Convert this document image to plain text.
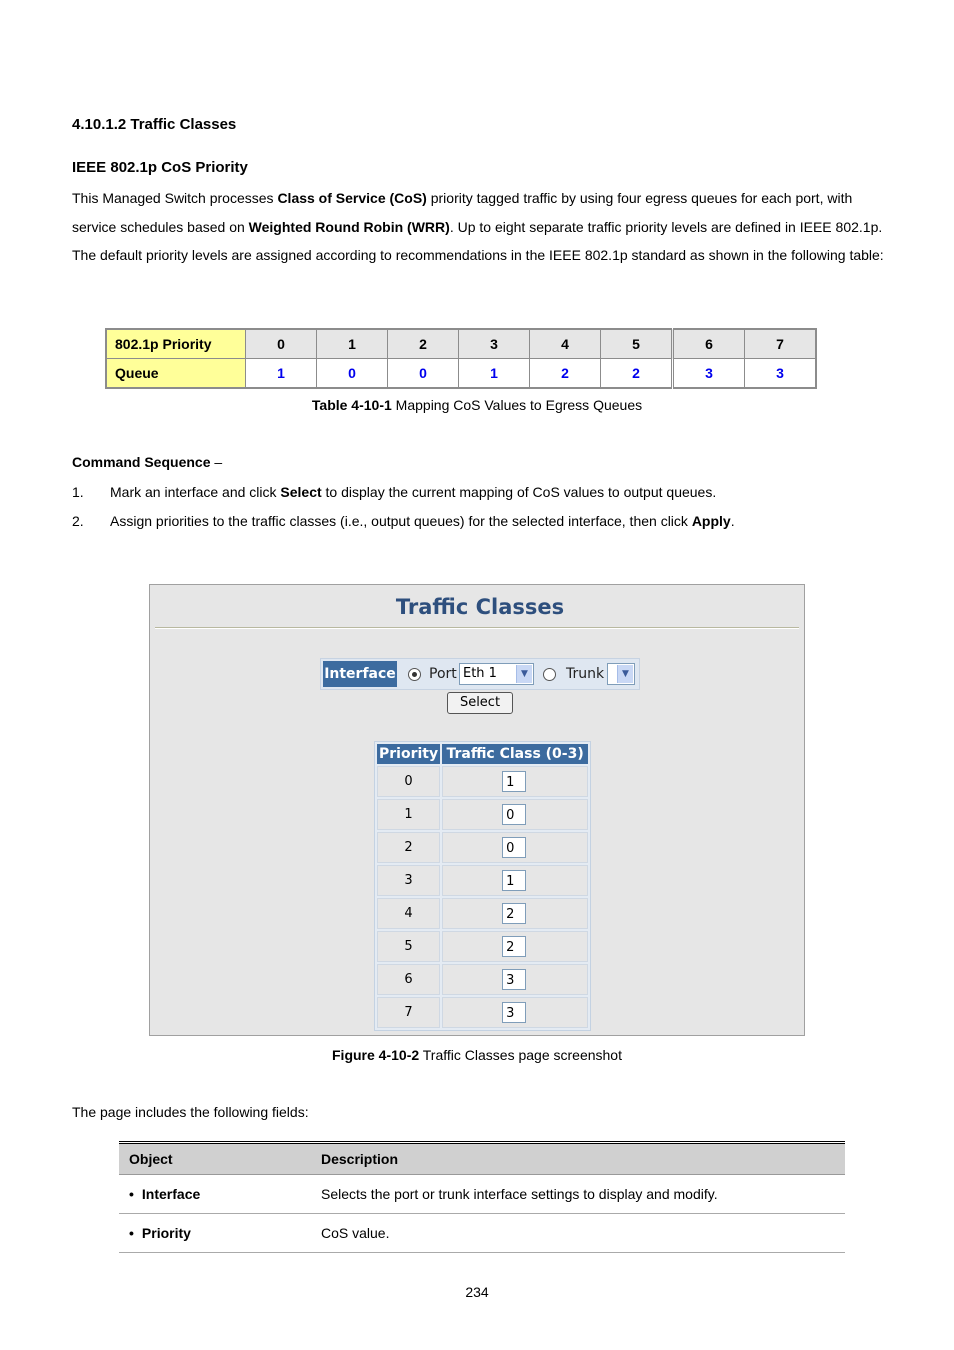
4.10.1.2 Traffic Classes
IEEE 802.1p CoS Priority
This Managed Switch processes Class of Service (CoS) priority tagged traffic by using four egress queues for each port, with service schedules based on Weighted Round Robin (WRR). Up to eight separate traffic priority levels are defined in IEEE 802.1p. The default priority levels are assigned according to recommendations in the IEEE 802.1p standard as shown in the following table:
802.1p Priority	0	1	2	3	4	5	6	7
Queue	1	0	0	1	2	2	3	3
Table 4-10-1 Mapping CoS Values to Egress Queues
Command Sequence –
1. Mark an interface and click Select to display the current mapping of CoS values to output queues.
2. Assign priorities to the traffic classes (i.e., output queues) for the selected interface, then click Apply.
Traffic Classes
Interface Port Eth 1	▼	Trunk	▼
Select
Priority	Traffic Class (0-3)
0	1

1	0

2	0

3	1

4	2

5	2

6	3

7	3
Figure 4-10-2 Traffic Classes page screenshot
The page includes the following fields:
Object	Description
• Interface	Selects the port or trunk interface settings to display and modify.
• Priority	CoS value.
234
